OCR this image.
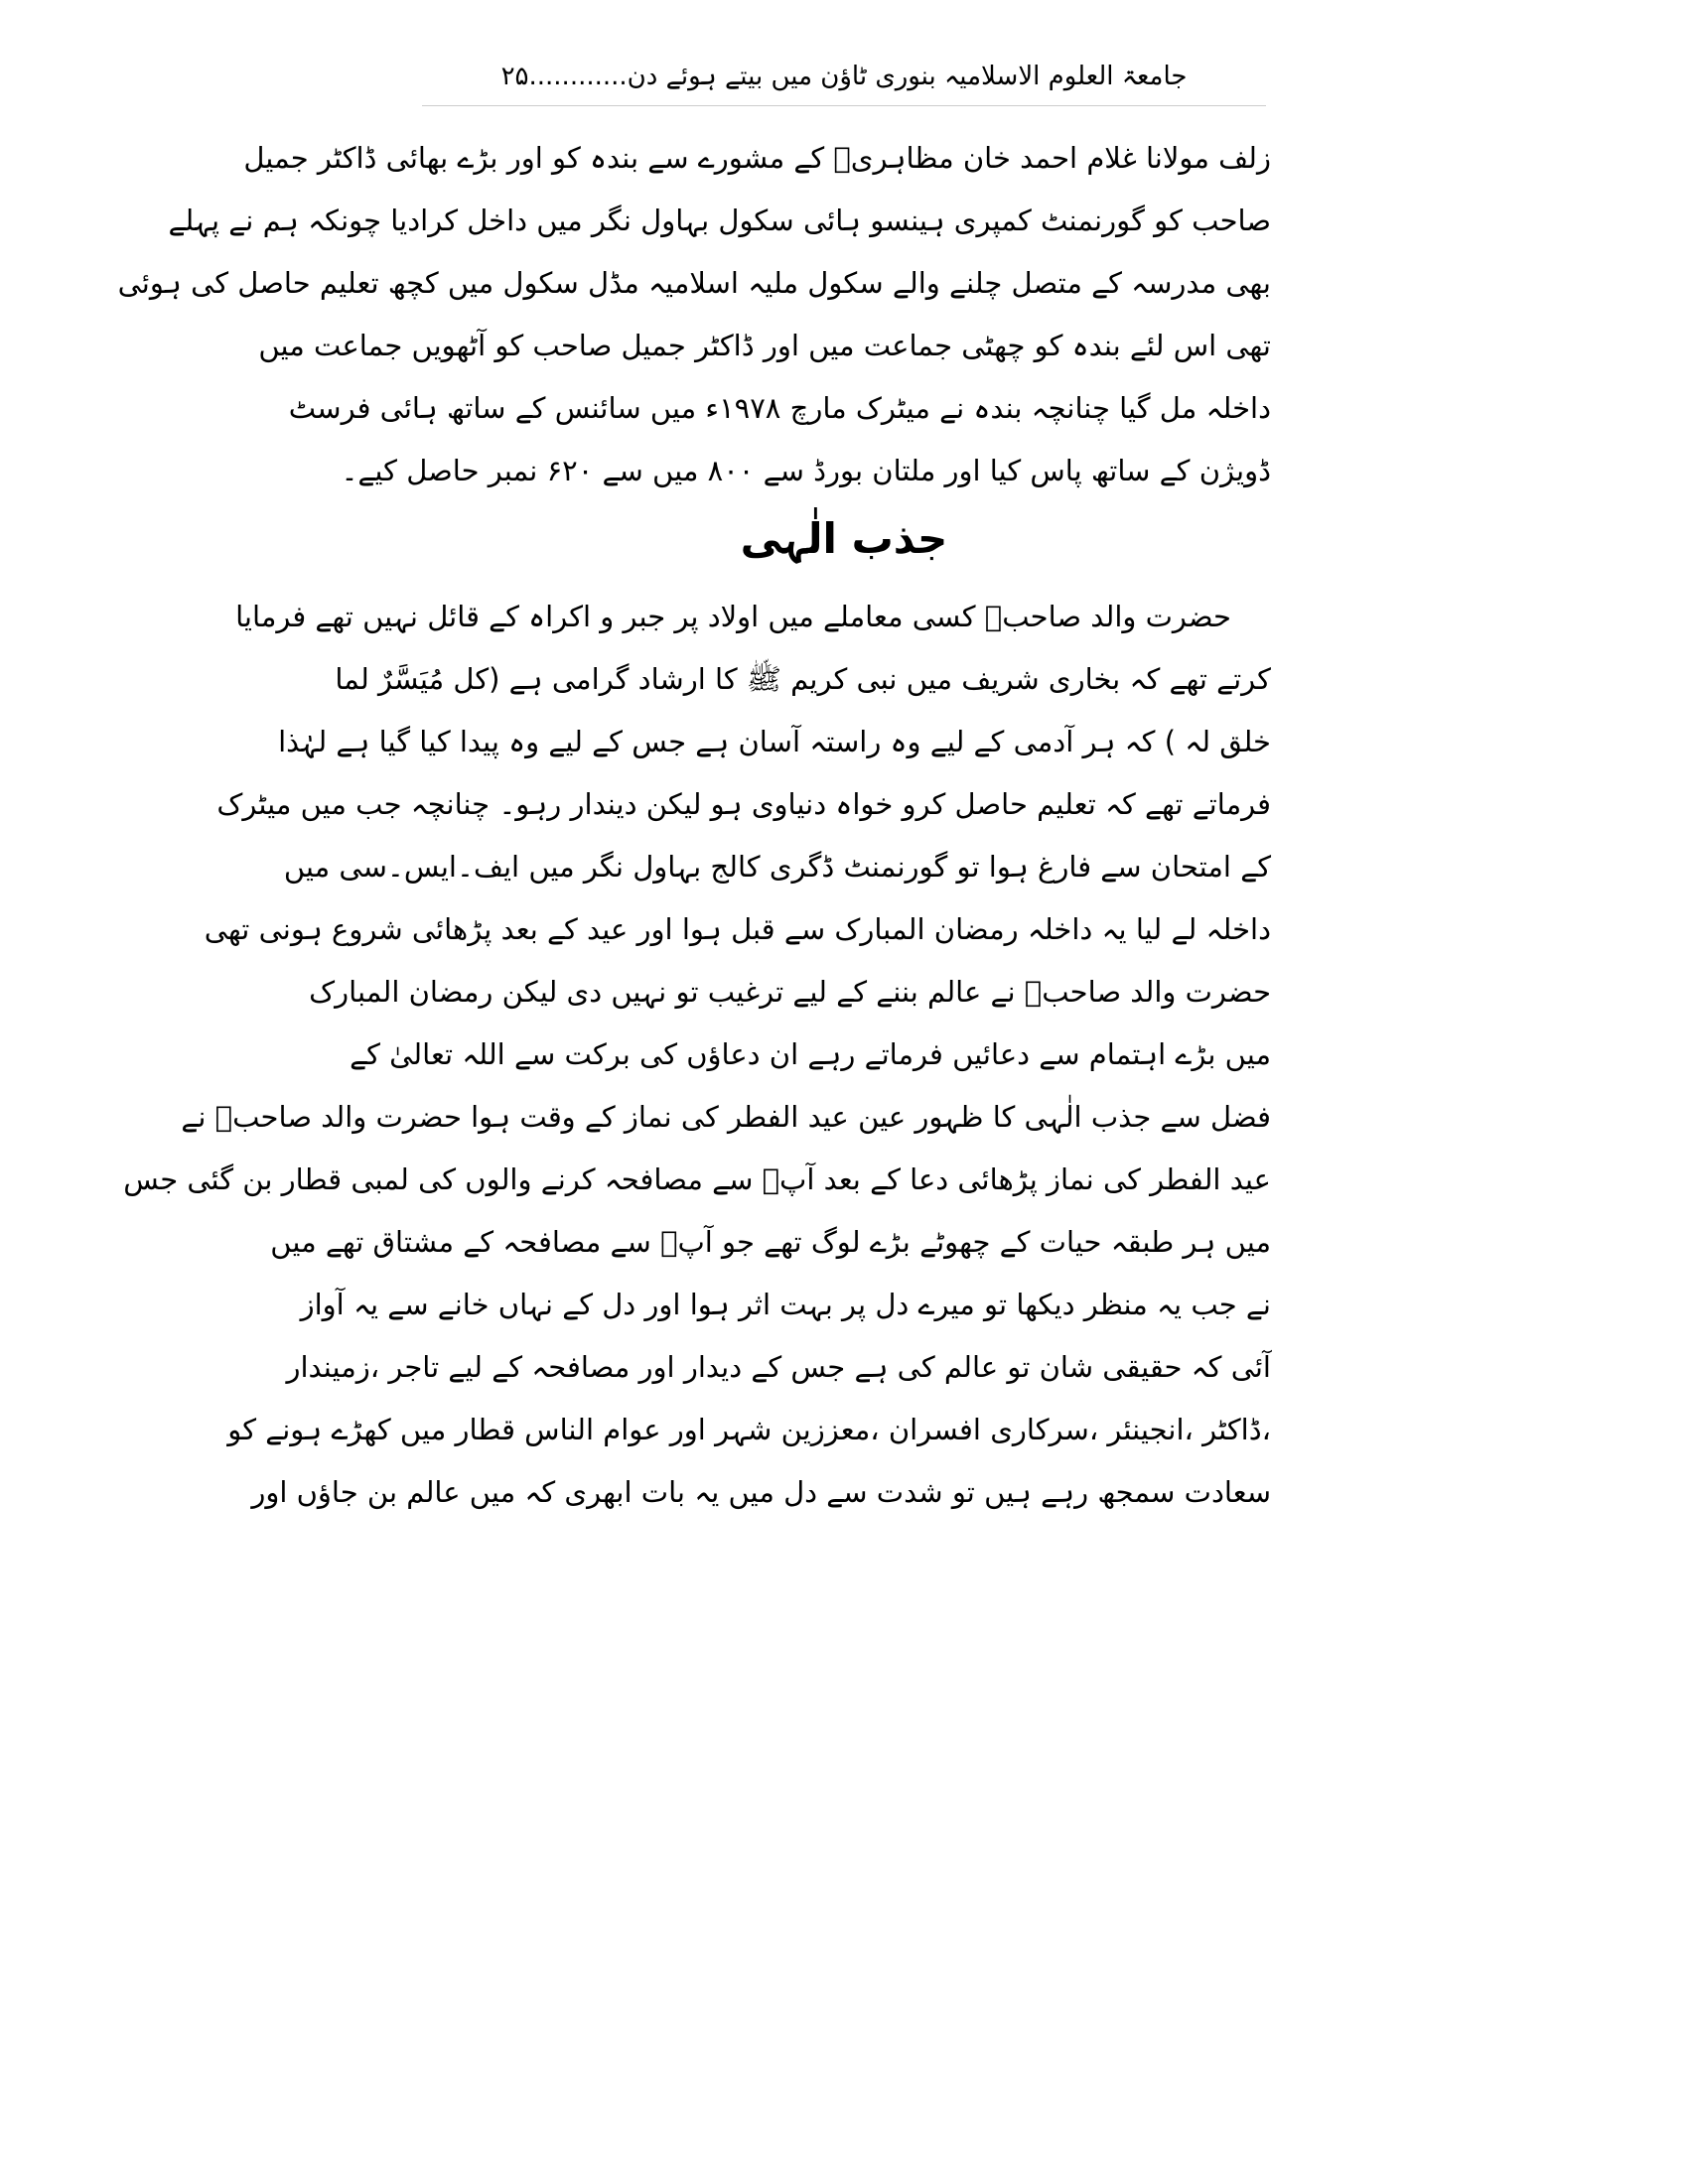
جامعۃ العلوم الاسلامیہ بنوری ٹاؤن میں بیتے ہوئے دن............۲۵
زلف مولانا غلام احمد خان مظاہریؒ کے مشورے سے بندہ کو اور بڑے بھائی ڈاکٹر جمیل
صاحب کو گورنمنٹ کمپری ہینسو ہائی سکول بہاول نگر میں داخل کرادیا چونکہ ہم نے پہلے
بھی مدرسہ کے متصل چلنے والے سکول ملیہ اسلامیہ مڈل سکول میں کچھ تعلیم حاصل کی ہوئی
تھی اس لئے بندہ کو چھٹی جماعت میں اور ڈاکٹر جمیل صاحب کو آٹھویں جماعت میں
داخلہ مل گیا چنانچہ بندہ نے میٹرک مارچ ۱۹۷۸ء میں سائنس کے ساتھ ہائی فرسٹ
ڈویژن کے ساتھ پاس کیا اور ملتان بورڈ سے ۸۰۰ میں سے ۶۲۰ نمبر حاصل کیے۔
جذب الٰہی
حضرت والد صاحبؒ کسی معاملے میں اولاد پر جبر و اکراہ کے قائل نہیں تھے فرمایا
کرتے تھے کہ بخاری شریف میں نبی کریم ﷺ کا ارشاد گرامی ہے (کل مُیَسَّرٌ لما
خلق لہ ) کہ ہر آدمی کے لیے وہ راستہ آسان ہے جس کے لیے وہ پیدا کیا گیا ہے لہٰذا
فرماتے تھے کہ تعلیم حاصل کرو خواہ دنیاوی ہو لیکن دیندار رہو۔ چنانچہ جب میں میٹرک
کے امتحان سے فارغ ہوا تو گورنمنٹ ڈگری کالج بہاول نگر میں ایف۔ایس۔سی میں
داخلہ لے لیا یہ داخلہ رمضان المبارک سے قبل ہوا اور عید کے بعد پڑھائی شروع ہونی تھی
حضرت والد صاحبؒ نے عالم بننے کے لیے ترغیب تو نہیں دی لیکن رمضان المبارک
میں بڑے اہتمام سے دعائیں فرماتے رہے ان دعاؤں کی برکت سے اللہ تعالیٰ کے
فضل سے جذب الٰہی کا ظہور عین عید الفطر کی نماز کے وقت ہوا حضرت والد صاحبؒ نے
عید الفطر کی نماز پڑھائی دعا کے بعد آپؒ سے مصافحہ کرنے والوں کی لمبی قطار بن گئی جس
میں ہر طبقہ حیات کے چھوٹے بڑے لوگ تھے جو آپؒ سے مصافحہ کے مشتاق تھے میں
نے جب یہ منظر دیکھا تو میرے دل پر بہت اثر ہوا اور دل کے نہاں خانے سے یہ آواز
آئی کہ حقیقی شان تو عالم کی ہے جس کے دیدار اور مصافحہ کے لیے تاجر ،زمیندار
،ڈاکٹر ،انجینئر ،سرکاری افسران ،معززین شہر اور عوام الناس قطار میں کھڑے ہونے کو
سعادت سمجھ رہے ہیں تو شدت سے دل میں یہ بات ابھری کہ میں عالم بن جاؤں اور
